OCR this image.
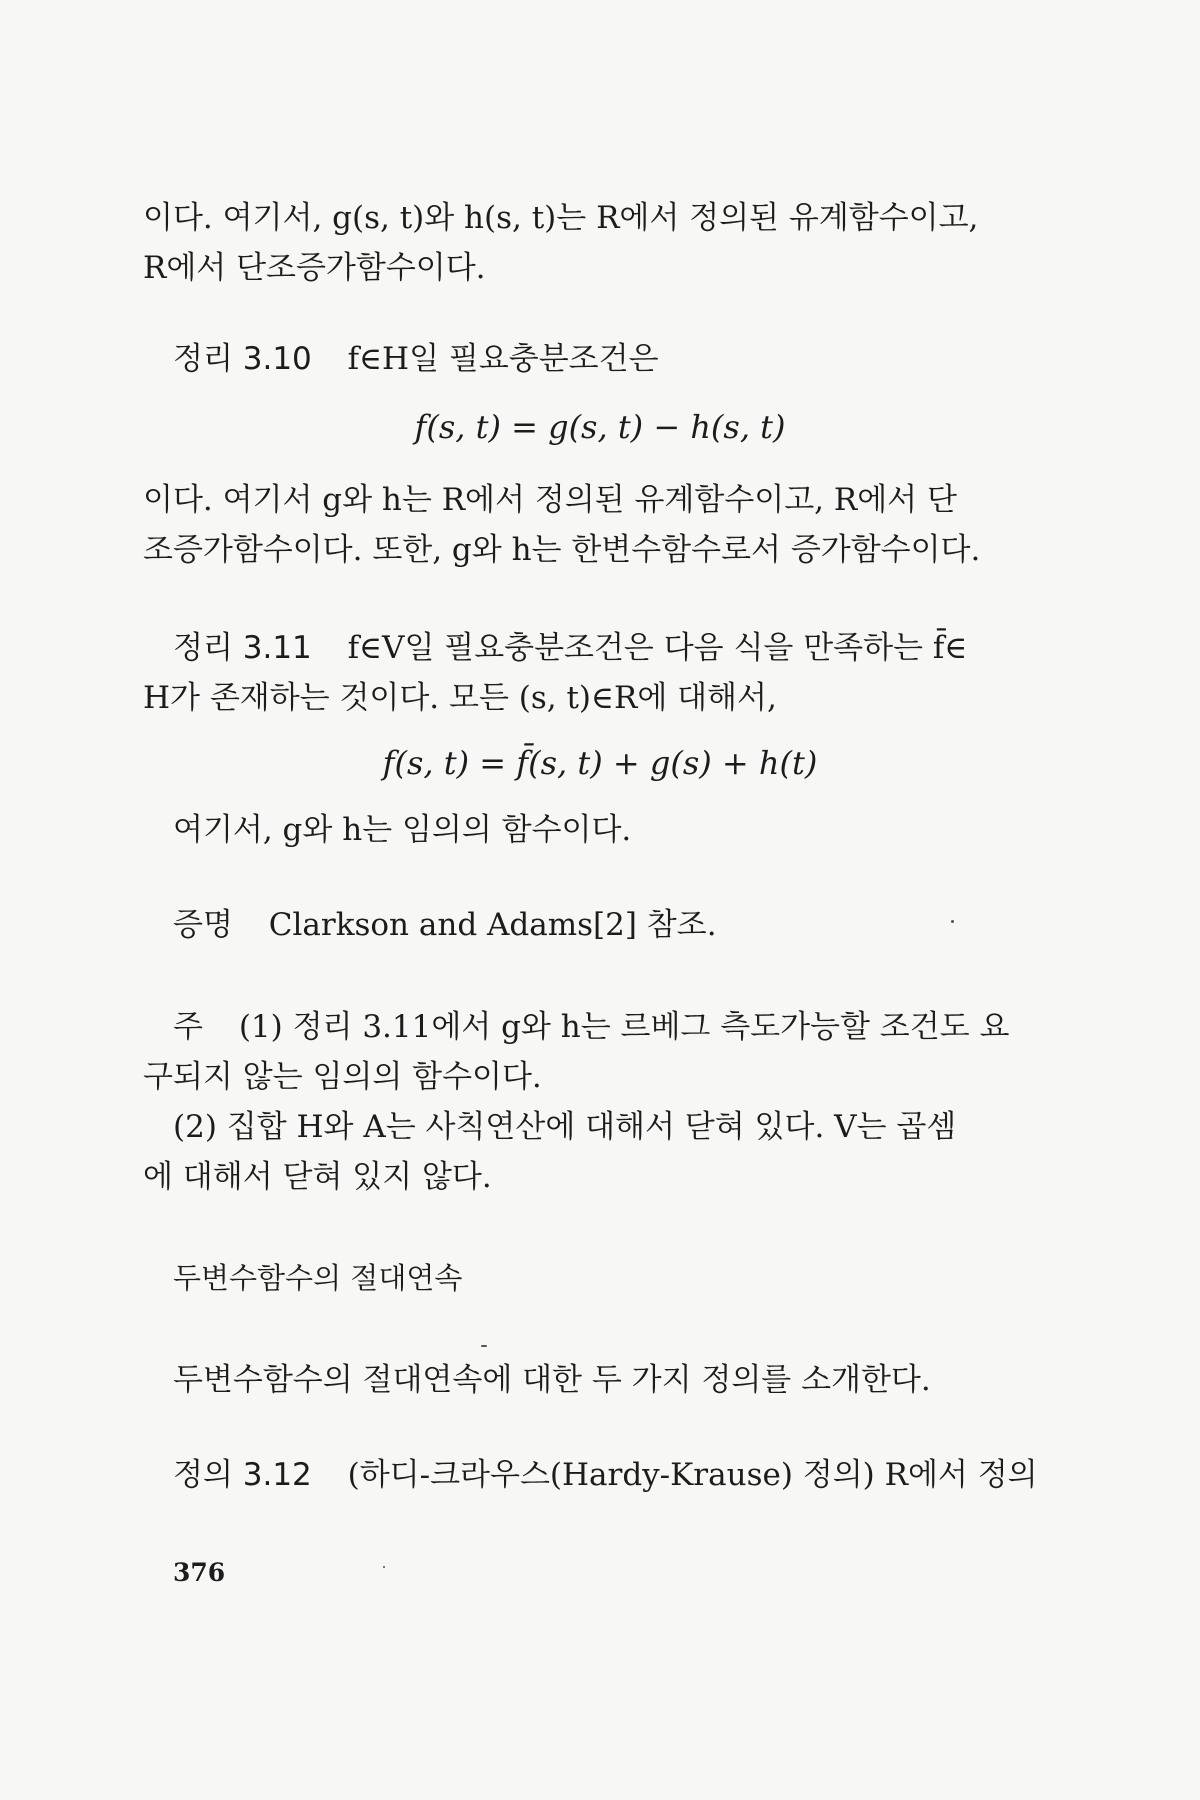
이다. 여기서, g(s, t)와 h(s, t)는 R에서 정의된 유계함수이고,
R에서 단조증가함수이다.
정리 3.10 f∈H일 필요충분조건은
f(s, t) = g(s, t) − h(s, t)
이다. 여기서 g와 h는 R에서 정의된 유계함수이고, R에서 단
조증가함수이다. 또한, g와 h는 한변수함수로서 증가함수이다.
정리 3.11 f∈V일 필요충분조건은 다음 식을 만족하는 f̄∈
H가 존재하는 것이다. 모든 (s, t)∈R에 대해서,
f(s, t) = f̄(s, t) + g(s) + h(t)
여기서, g와 h는 임의의 함수이다.
증명 Clarkson and Adams[2] 참조.
주 (1) 정리 3.11에서 g와 h는 르베그 측도가능할 조건도 요
구되지 않는 임의의 함수이다.
(2) 집합 H와 A는 사칙연산에 대해서 닫혀 있다. V는 곱셈
에 대해서 닫혀 있지 않다.
두변수함수의 절대연속
두변수함수의 절대연속에 대한 두 가지 정의를 소개한다.
정의 3.12 (하디-크라우스(Hardy-Krause) 정의) R에서 정의
376
